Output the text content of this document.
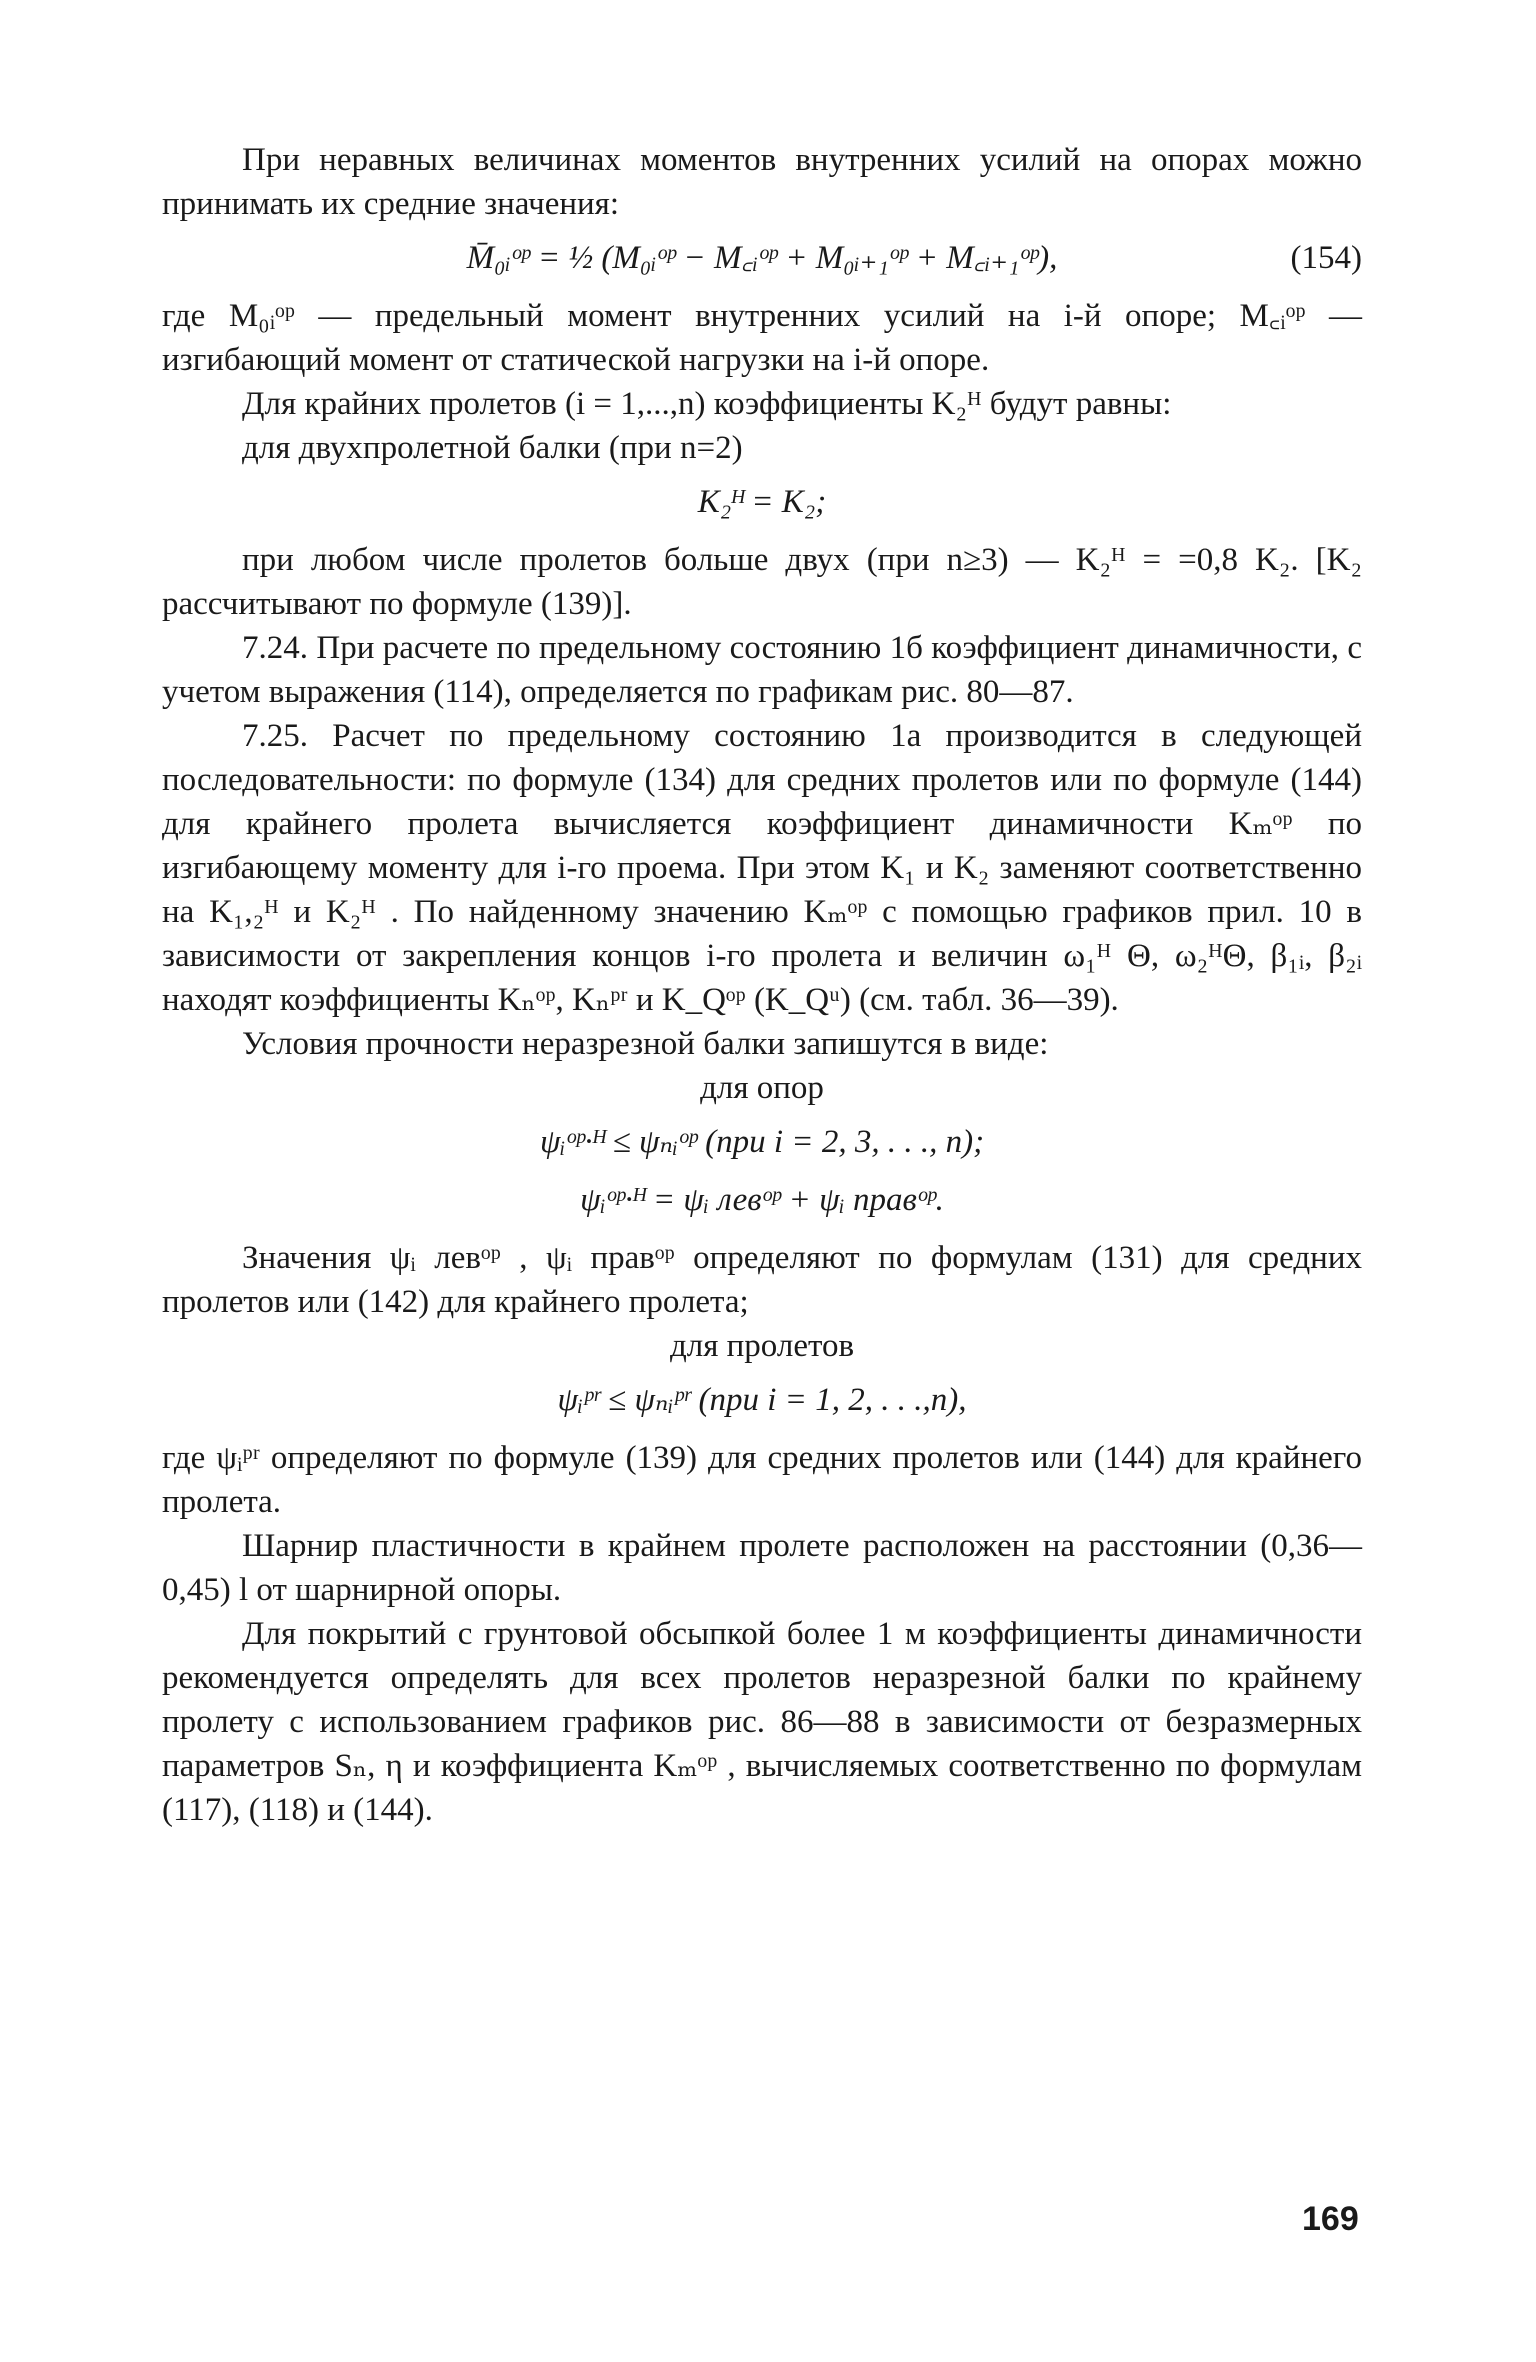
При неравных величинах моментов внутренних усилий на опорах можно принимать их средние значения:

M̄₀ᵢᵒᵖ = ½ (M₀ᵢᵒᵖ − M꜀ᵢᵒᵖ + M₀ᵢ₊₁ᵒᵖ + M꜀ᵢ₊₁ᵒᵖ),	(154)

где M₀ᵢᵒᵖ — предельный момент внутренних усилий на i-й опоре; M꜀ᵢᵒᵖ — изгибающий момент от статической нагрузки на i-й опоре.

Для крайних пролетов (i = 1,...,n) коэффициенты K₂ᴴ будут равны:

для двухпролетной балки (при n=2)

K₂ᴴ = K₂;

при любом числе пролетов больше двух (при n≥3) — K₂ᴴ = =0,8 K₂. [K₂ рассчитывают по формуле (139)].

7.24. При расчете по предельному состоянию 1б коэффициент динамичности, с учетом выражения (114), определяется по графикам рис. 80—87.

7.25. Расчет по предельному состоянию 1а производится в следующей последовательности: по формуле (134) для средних пролетов или по формуле (144) для крайнего пролета вычисляется коэффициент динамичности Kₘᵒᵖ по изгибающему моменту для i-го проема. При этом K₁ и K₂ заменяют соответственно на K₁,₂ᴴ и K₂ᴴ . По найденному значению Kₘᵒᵖ с помощью графиков прил. 10 в зависимости от закрепления концов i-го пролета и величин ω₁ᴴ Θ, ω₂ᴴΘ, β₁ᵢ, β₂ᵢ находят коэффициенты Kₙᵒᵖ, Kₙᵖʳ и K_Qᵒᵖ (K_Qᵘ) (см. табл. 36—39).

Условия прочности неразрезной балки запишутся в виде:

для опор

ψᵢᵒᵖ·ᴴ ≤ ψₙᵢᵒᵖ (при i = 2, 3, . . ., n);
ψᵢᵒᵖ·ᴴ = ψᵢ левᵒᵖ + ψᵢ правᵒᵖ.

Значения ψᵢ левᵒᵖ , ψᵢ правᵒᵖ определяют по формулам (131) для средних пролетов или (142) для крайнего пролета;

для пролетов

ψᵢᵖʳ ≤ ψₙᵢᵖʳ (при i = 1, 2, . . .,n),

где ψᵢᵖʳ определяют по формуле (139) для средних пролетов или (144) для крайнего пролета.

Шарнир пластичности в крайнем пролете расположен на расстоянии (0,36—0,45) l от шарнирной опоры.

Для покрытий с грунтовой обсыпкой более 1 м коэффициенты динамичности рекомендуется определять для всех пролетов неразрезной балки по крайнему пролету с использованием графиков рис. 86—88 в зависимости от безразмерных параметров Sₙ, η и коэффициента Kₘᵒᵖ , вычисляемых соответственно по формулам (117), (118) и (144).

169
